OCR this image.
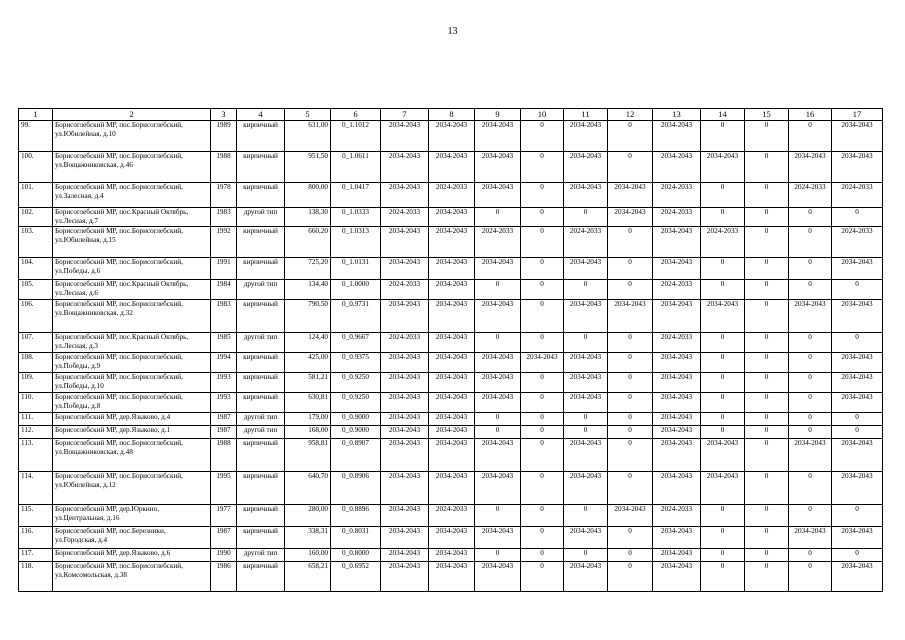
13
1	2	3	4	5	6	7	8	9	10	11	12	13	14	15	16	17
99.	Борисоглебский МР, пос.Борисоглебский, ул.Юбилейная, д.10	1989	кирпичный	631,00	0_1.1012	2034-2043	2034-2043	2034-2043	0	2034-2043	0	2034-2043	0	0	0	2034-2043
100.	Борисоглебский МР, пос.Борисоглебский, ул.Вощажниковская, д.46	1988	кирпичный	951,50	0_1.0611	2034-2043	2034-2043	2034-2043	0	2034-2043	0	2034-2043	2034-2043	0	2034-2043	2034-2043
101.	Борисоглебский МР, пос.Борисоглебский, ул.Залесная, д.4	1978	кирпичный	800,00	0_1.0417	2034-2043	2024-2033	2034-2043	0	2034-2043	2034-2043	2024-2033	0	0	2024-2033	2024-2033
102.	Борисоглебский МР, пос.Красный Октябрь, ул.Лесная, д.7	1983	другой тип	138,30	0_1.0333	2024-2033	2034-2043	0	0	0	2034-2043	2024-2033	0	0	0	0
103.	Борисоглебский МР, пос.Борисоглебский, ул.Юбилейная, д.15	1992	кирпичный	660,20	0_1.0313	2034-2043	2034-2043	2024-2033	0	2024-2033	0	2034-2043	2024-2033	0	0	2024-2033
104.	Борисоглебский МР, пос.Борисоглебский, ул.Победы, д.6	1991	кирпичный	725,20	0_1.0131	2034-2043	2034-2043	2034-2043	0	2034-2043	0	2034-2043	0	0	0	2034-2043
105.	Борисоглебский МР, пос.Красный Октябрь, ул.Лесная, д.6	1984	другой тип	134,40	0_1.0000	2024-2033	2034-2043	0	0	0	0	2024-2033	0	0	0	0
106.	Борисоглебский МР, пос.Борисоглебский, ул.Вощажниковская, д.32	1983	кирпичный	790,50	0_0.9731	2034-2043	2034-2043	2034-2043	0	2034-2043	2034-2043	2034-2043	2034-2043	0	2034-2043	2034-2043
107.	Борисоглебский МР, пос.Красный Октябрь, ул.Лесная, д.3	1985	другой тип	124,40	0_0.9667	2024-2033	2034-2043	0	0	0	0	2024-2033	0	0	0	0
108.	Борисоглебский МР, пос.Борисоглебский, ул.Победы, д.9	1994	кирпичный	425,00	0_0.9375	2034-2043	2034-2043	2034-2043	2034-2043	2034-2043	0	2034-2043	0	0	0	2034-2043
109.	Борисоглебский МР, пос.Борисоглебский, ул.Победы, д.10	1993	кирпичный	581,21	0_0.9250	2034-2043	2034-2043	2034-2043	0	2034-2043	0	2034-2043	0	0	0	2034-2043
110.	Борисоглебский МР, пос.Борисоглебский, ул.Победы, д.8	1993	кирпичный	630,81	0_0.9250	2034-2043	2034-2043	2034-2043	0	2034-2043	0	2034-2043	0	0	0	2034-2043
111.	Борисоглебский МР, дер.Языково, д.4	1987	другой тип	179,00	0_0.9000	2034-2043	2034-2043	0	0	0	0	2034-2043	0	0	0	0
112.	Борисоглебский МР, дер.Языково, д.1	1987	другой тип	168,00	0_0.9000	2034-2043	2034-2043	0	0	0	0	2034-2043	0	0	0	0
113.	Борисоглебский МР, пос.Борисоглебский, ул.Вощажниковская, д.48	1988	кирпичный	958,81	0_0.8907	2034-2043	2034-2043	2034-2043	0	2034-2043	0	2034-2043	2034-2043	0	2034-2043	2034-2043
114.	Борисоглебский МР, пос.Борисоглебский, ул.Юбилейная, д.12	1995	кирпичный	640,70	0_0.8906	2034-2043	2034-2043	2034-2043	0	2034-2043	0	2034-2043	2034-2043	0	0	2034-2043
115.	Борисоглебский МР, дер.Юркино, ул.Центральная, д.16	1977	кирпичный	280,00	0_0.8896	2034-2043	2024-2033	0	0	0	2034-2043	2024-2033	0	0	0	0
116.	Борисоглебский МР, пос.Березники, ул.Городская, д.4	1987	кирпичный	338,31	0_0.8031	2034-2043	2034-2043	2034-2043	0	2034-2043	0	2034-2043	0	0	2034-2043	2034-2043
117.	Борисоглебский МР, дер.Языково, д.6	1990	другой тип	160,00	0_0.8000	2034-2043	2034-2043	0	0	0	0	2034-2043	0	0	0	0
118.	Борисоглебский МР, пос.Борисоглебский, ул.Комсомольская, д.38	1986	кирпичный	658,21	0_0.6952	2034-2043	2034-2043	2034-2043	0	2034-2043	0	2034-2043	0	0	0	2034-2043
